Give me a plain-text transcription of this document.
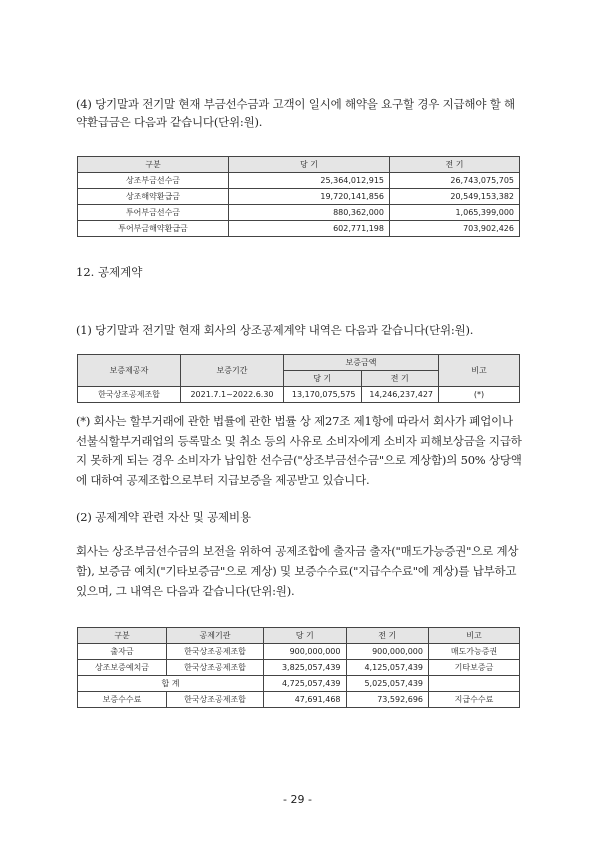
(4) 당기말과 전기말 현재 부금선수금과 고객이 일시에 해약을 요구할 경우 지급해야 할 해약환급금은 다음과 같습니다(단위:원).

구분	당 기	전 기
상조부금선수금	25,364,012,915	26,743,075,705
상조해약환급금	19,720,141,856	20,549,153,382
투어부금선수금	880,362,000	1,065,399,000
투어부금해약환급금	602,771,198	703,902,426

12. 공제계약

(1) 당기말과 전기말 현재 회사의 상조공제계약 내역은 다음과 같습니다(단위:원).

보증제공자	보증기간	보증금액		비고
		당 기	전 기	
한국상조공제조합	2021.7.1~2022.6.30	13,170,075,575	14,246,237,427	(*)

(*) 회사는 할부거래에 관한 법률에 관한 법률 상 제27조 제1항에 따라서 회사가 폐업이나 선불식할부거래업의 등록말소 및 취소 등의 사유로 소비자에게 소비자 피해보상금을 지급하지 못하게 되는 경우 소비자가 납입한 선수금("상조부금선수금"으로 계상함)의 50% 상당액에 대하여 공제조합으로부터 지급보증을 제공받고 있습니다.

(2) 공제계약 관련 자산 및 공제비용

회사는 상조부금선수금의 보전을 위하여 공제조합에 출자금 출자("매도가능증권"으로 계상함), 보증금 예치("기타보증금"으로 계상) 및 보증수수료("지급수수료"에 계상)를 납부하고 있으며, 그 내역은 다음과 같습니다(단위:원).

구분	공제기관	당 기	전 기	비고
출자금	한국상조공제조합	900,000,000	900,000,000	매도가능증권
상조보증예치금	한국상조공제조합	3,825,057,439	4,125,057,439	기타보증금
합 계		4,725,057,439	5,025,057,439	
보증수수료	한국상조공제조합	47,691,468	73,592,696	지급수수료
- 29 -
